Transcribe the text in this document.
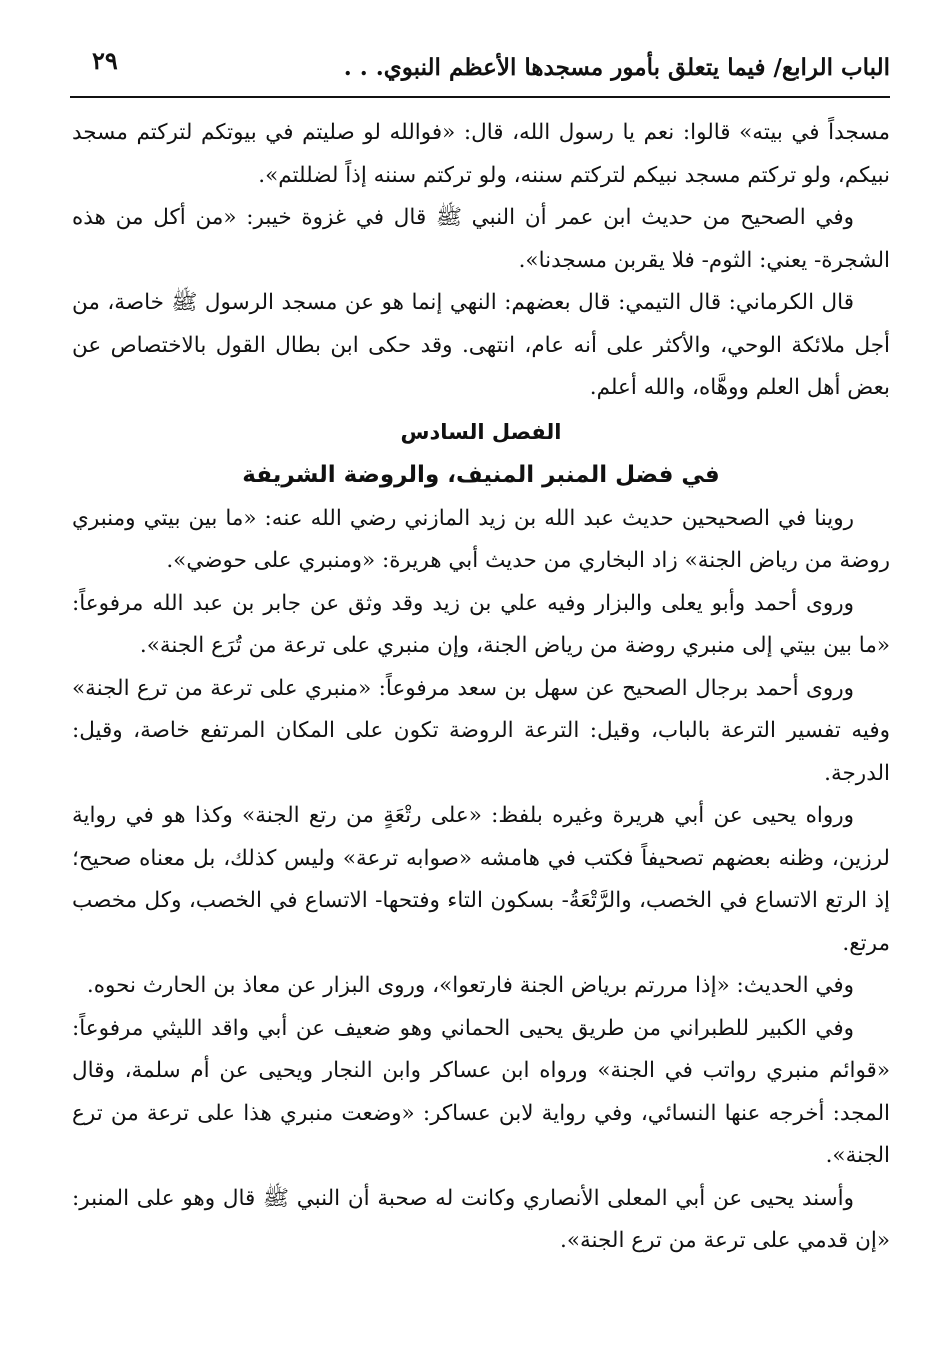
الباب الرابع/ فيما يتعلق بأمور مسجدها الأعظم النبوي. . .
٢٩

مسجداً في بيته» قالوا: نعم يا رسول الله، قال: «فوالله لو صليتم في بيوتكم لتركتم مسجد نبيكم، ولو تركتم مسجد نبيكم لتركتم سننه، ولو تركتم سننه إذاً لضللتم».

وفي الصحيح من حديث ابن عمر أن النبي ﷺ قال في غزوة خيبر: «من أكل من هذه الشجرة- يعني: الثوم- فلا يقربن مسجدنا».

قال الكرماني: قال التيمي: قال بعضهم: النهي إنما هو عن مسجد الرسول ﷺ خاصة، من أجل ملائكة الوحي، والأكثر على أنه عام، انتهى. وقد حكى ابن بطال القول بالاختصاص عن بعض أهل العلم ووهَّاه، والله أعلم.

الفصل السادس
في فضل المنبر المنيف، والروضة الشريفة

روينا في الصحيحين حديث عبد الله بن زيد المازني رضي الله عنه: «ما بين بيتي ومنبري روضة من رياض الجنة» زاد البخاري من حديث أبي هريرة: «ومنبري على حوضي».

وروى أحمد وأبو يعلى والبزار وفيه علي بن زيد وقد وثق عن جابر بن عبد الله مرفوعاً: «ما بين بيتي إلى منبري روضة من رياض الجنة، وإن منبري على ترعة من تُرَع الجنة».

وروى أحمد برجال الصحيح عن سهل بن سعد مرفوعاً: «منبري على ترعة من ترع الجنة» وفيه تفسير الترعة بالباب، وقيل: الترعة الروضة تكون على المكان المرتفع خاصة، وقيل: الدرجة.

ورواه يحيى عن أبي هريرة وغيره بلفظ: «على رتْعَةٍ من رتع الجنة» وكذا هو في رواية لرزين، وظنه بعضهم تصحيفاً فكتب في هامشه «صوابه ترعة» وليس كذلك، بل معناه صحيح؛ إذ الرتع الاتساع في الخصب، والرَّتْعَةُ- بسكون التاء وفتحها- الاتساع في الخصب، وكل مخصب مرتع.

وفي الحديث: «إذا مررتم برياض الجنة فارتعوا»، وروى البزار عن معاذ بن الحارث نحوه.

وفي الكبير للطبراني من طريق يحيى الحماني وهو ضعيف عن أبي واقد الليثي مرفوعاً: «قوائم منبري رواتب في الجنة» ورواه ابن عساكر وابن النجار ويحيى عن أم سلمة، وقال المجد: أخرجه عنها النسائي، وفي رواية لابن عساكر: «وضعت منبري هذا على ترعة من ترع الجنة».

وأسند يحيى عن أبي المعلى الأنصاري وكانت له صحبة أن النبي ﷺ قال وهو على المنبر: «إن قدمي على ترعة من ترع الجنة».
